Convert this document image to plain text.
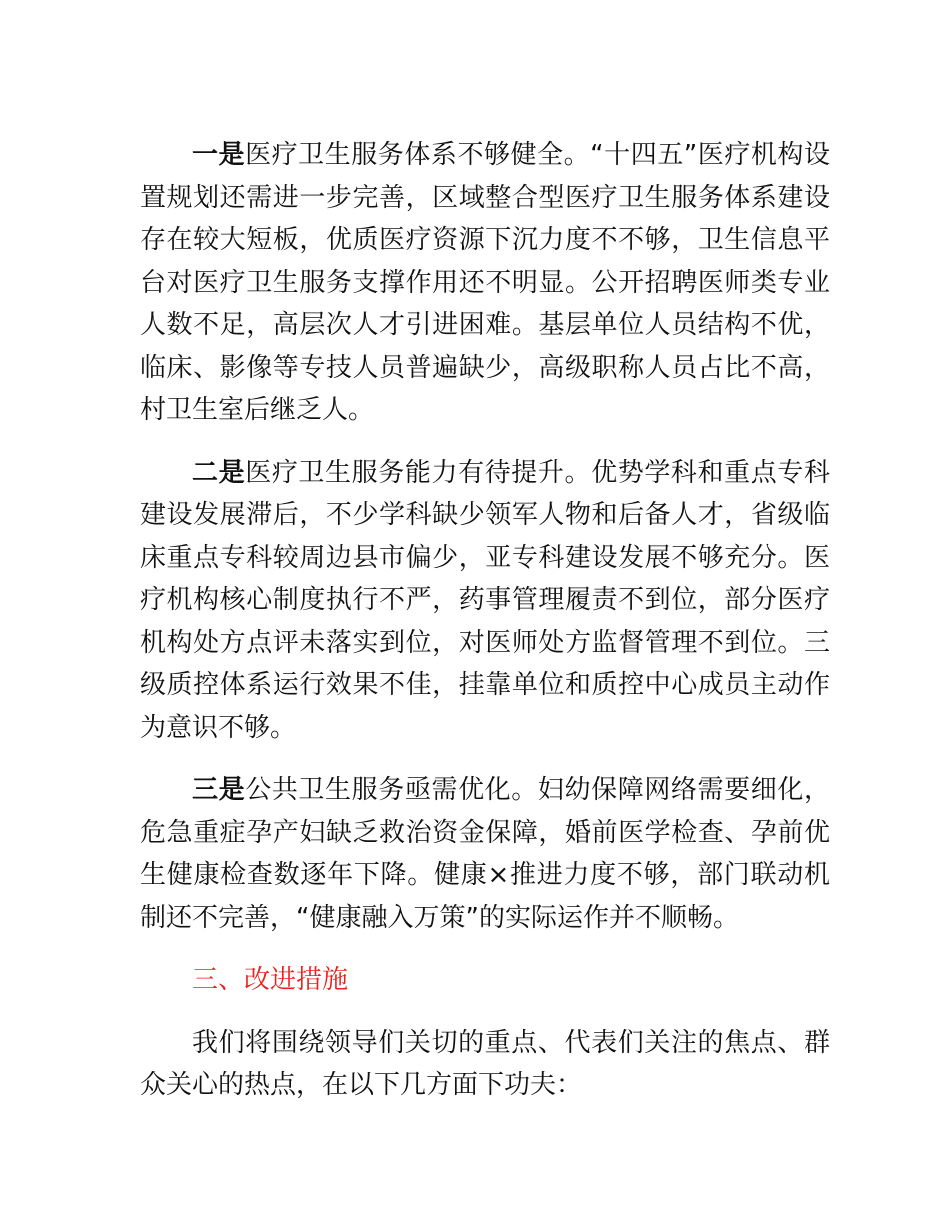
一是医疗卫生服务体系不够健全。“十四五”医疗机构设置规划还需进一步完善，区域整合型医疗卫生服务体系建设存在较大短板，优质医疗资源下沉力度不不够，卫生信息平台对医疗卫生服务支撑作用还不明显。公开招聘医师类专业人数不足，高层次人才引进困难。基层单位人员结构不优，临床、影像等专技人员普遍缺少，高级职称人员占比不高，村卫生室后继乏人。

二是医疗卫生服务能力有待提升。优势学科和重点专科建设发展滞后，不少学科缺少领军人物和后备人才，省级临床重点专科较周边县市偏少，亚专科建设发展不够充分。医疗机构核心制度执行不严，药事管理履责不到位，部分医疗机构处方点评未落实到位，对医师处方监督管理不到位。三级质控体系运行效果不佳，挂靠单位和质控中心成员主动作为意识不够。

三是公共卫生服务亟需优化。妇幼保障网络需要细化，危急重症孕产妇缺乏救治资金保障，婚前医学检查、孕前优生健康检查数逐年下降。健康×推进力度不够，部门联动机制还不完善，“健康融入万策”的实际运作并不顺畅。

三、改进措施

我们将围绕领导们关切的重点、代表们关注的焦点、群众关心的热点，在以下几方面下功夫：
